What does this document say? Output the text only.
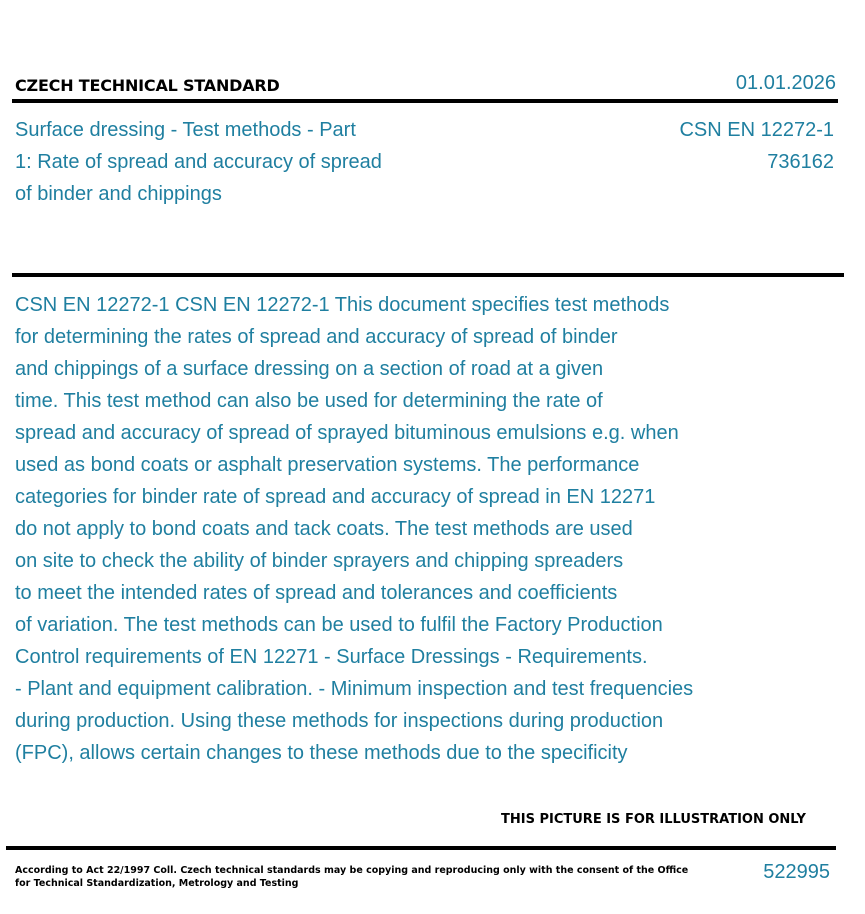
CZECH TECHNICAL STANDARD	01.01.2026
Surface dressing - Test methods - Part
1: Rate of spread and accuracy of spread
of binder and chippings
CSN EN 12272-1
736162
CSN EN 12272-1 CSN EN 12272-1 This document specifies test methods
for determining the rates of spread and accuracy of spread of binder
and chippings of a surface dressing on a section of road at a given
time. This test method can also be used for determining the rate of
spread and accuracy of spread of sprayed bituminous emulsions e.g. when
used as bond coats or asphalt preservation systems. The performance
categories for binder rate of spread and accuracy of spread in EN 12271
do not apply to bond coats and tack coats. The test methods are used
on site to check the ability of binder sprayers and chipping spreaders
to meet the intended rates of spread and tolerances and coefficients
of variation. The test methods can be used to fulfil the Factory Production
Control requirements of EN 12271 - Surface Dressings - Requirements.
- Plant and equipment calibration. - Minimum inspection and test frequencies
during production. Using these methods for inspections during production
(FPC), allows certain changes to these methods due to the specificity
THIS PICTURE IS FOR ILLUSTRATION ONLY
According to Act 22/1997 Coll. Czech technical standards may be copying and reproducing only with the consent of the Office
for Technical Standardization, Metrology and Testing
522995
